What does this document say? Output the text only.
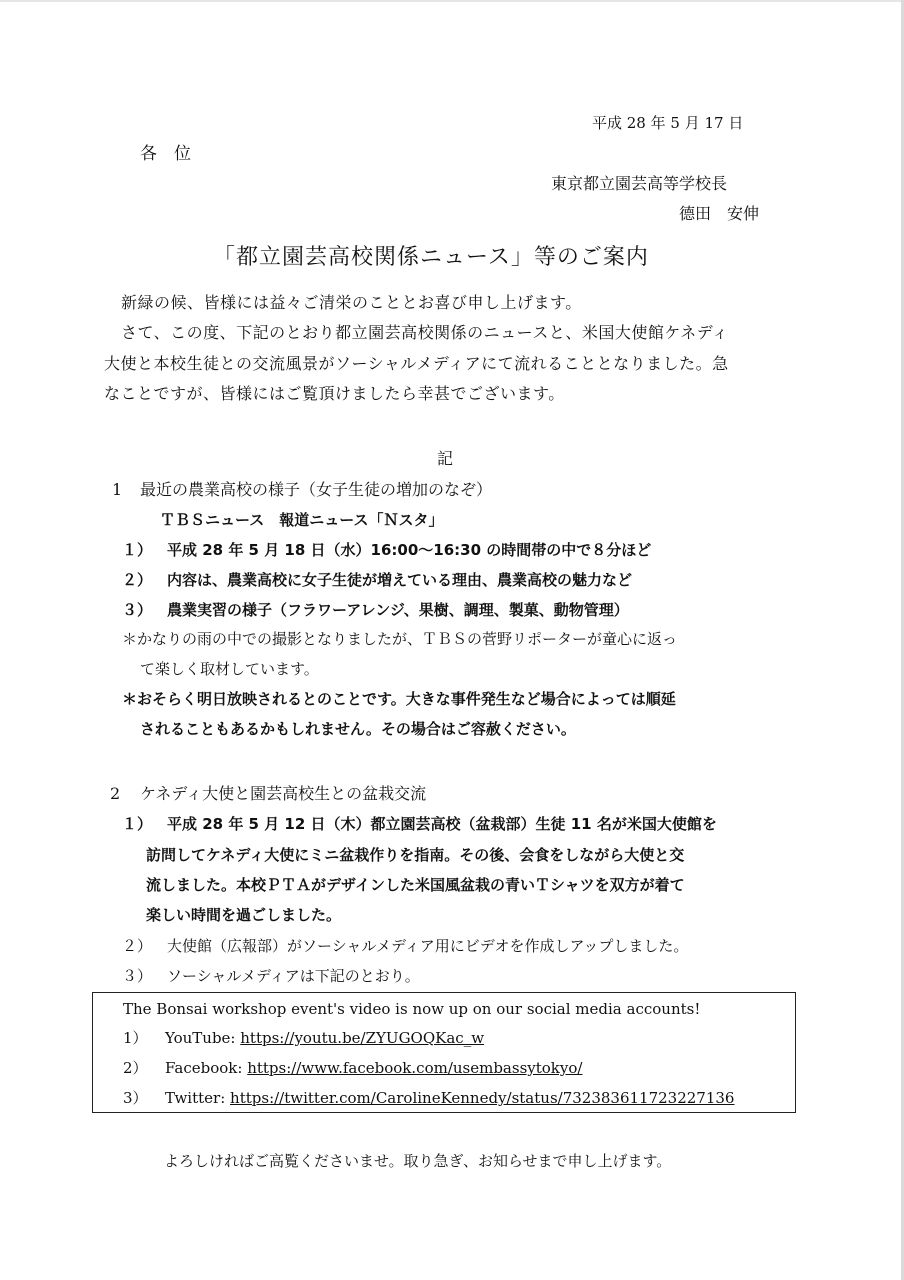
平成 28 年 5 月 17 日
各　位
東京都立園芸高等学校長
德田　安伸
「都立園芸高校関係ニュース」等のご案内
新緑の候、皆様には益々ご清栄のこととお喜び申し上げます。
さて、この度、下記のとおり都立園芸高校関係のニュースと、米国大使館ケネディ
大使と本校生徒との交流風景がソーシャルメディアにて流れることとなりました。急
なことですが、皆様にはご覧頂けましたら幸甚でございます。
記
1 最近の農業高校の様子（女子生徒の増加のなぞ）
ＴＢＳニュース　報道ニュース「Ｎスタ」
１） 平成 28 年 5 月 18 日（水）16:00～16:30 の時間帯の中で８分ほど
２） 内容は、農業高校に女子生徒が増えている理由、農業高校の魅力など
３） 農業実習の様子（フラワーアレンジ、果樹、調理、製菓、動物管理）
＊かなりの雨の中での撮影となりましたが、ＴＢＳの菅野リポーターが童心に返っ
て楽しく取材しています。
＊おそらく明日放映されるとのことです。大きな事件発生など場合によっては順延
されることもあるかもしれません。その場合はご容赦ください。
2 ケネディ大使と園芸高校生との盆栽交流
１） 平成 28 年 5 月 12 日（木）都立園芸高校（盆栽部）生徒 11 名が米国大使館を
訪問してケネディ大使にミニ盆栽作りを指南。その後、会食をしながら大使と交
流しました。本校ＰＴＡがデザインした米国風盆栽の青いＴシャツを双方が着て
楽しい時間を過ごしました。
２） 大使館（広報部）がソーシャルメディア用にビデオを作成しアップしました。
３） ソーシャルメディアは下記のとおり。
The Bonsai workshop event's video is now up on our social media accounts!
1） YouTube: https://youtu.be/ZYUGOQKac_w
2） Facebook: https://www.facebook.com/usembassytokyo/
3） Twitter: https://twitter.com/CarolineKennedy/status/732383611723227136
よろしければご高覧くださいませ。取り急ぎ、お知らせまで申し上げます。
